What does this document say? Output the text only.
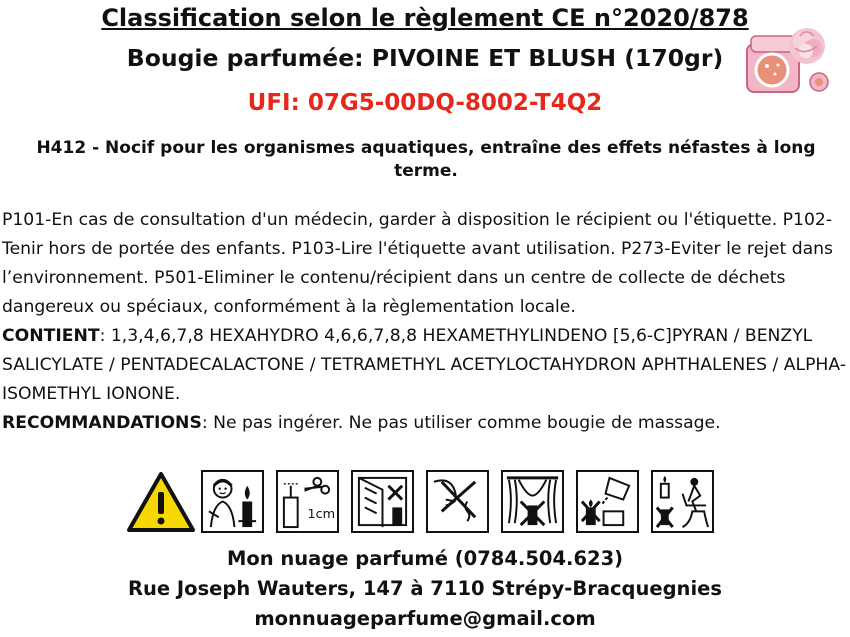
Classification selon le règlement CE n°2020/878
Bougie parfumée: PIVOINE ET BLUSH (170gr)
UFI: 07G5-00DQ-8002-T4Q2
H412 - Nocif pour les organismes aquatiques, entraîne des effets néfastes à long terme.

P101-En cas de consultation d'un médecin, garder à disposition le récipient ou l'étiquette. P102-Tenir hors de portée des enfants. P103-Lire l'étiquette avant utilisation. P273-Eviter le rejet dans l’environnement. P501-Eliminer le contenu/récipient dans un centre de collecte de déchets dangereux ou spéciaux, conformément à la règlementation locale.

CONTIENT: 1,3,4,6,7,8 HEXAHYDRO 4,6,6,7,8,8 HEXAMETHYLINDENO [5,6-C]PYRAN / BENZYL SALICYLATE / PENTADECALACTONE / TETRAMETHYL ACETYLOCTAHYDRON APHTHALENES / ALPHA-ISOMETHYL IONONE.

RECOMMANDATIONS: Ne pas ingérer. Ne pas utiliser comme bougie de massage.

1cm
Mon nuage parfumé (0784.504.623)
Rue Joseph Wauters, 147 à 7110 Strépy-Bracquegnies
monnuageparfume@gmail.com
